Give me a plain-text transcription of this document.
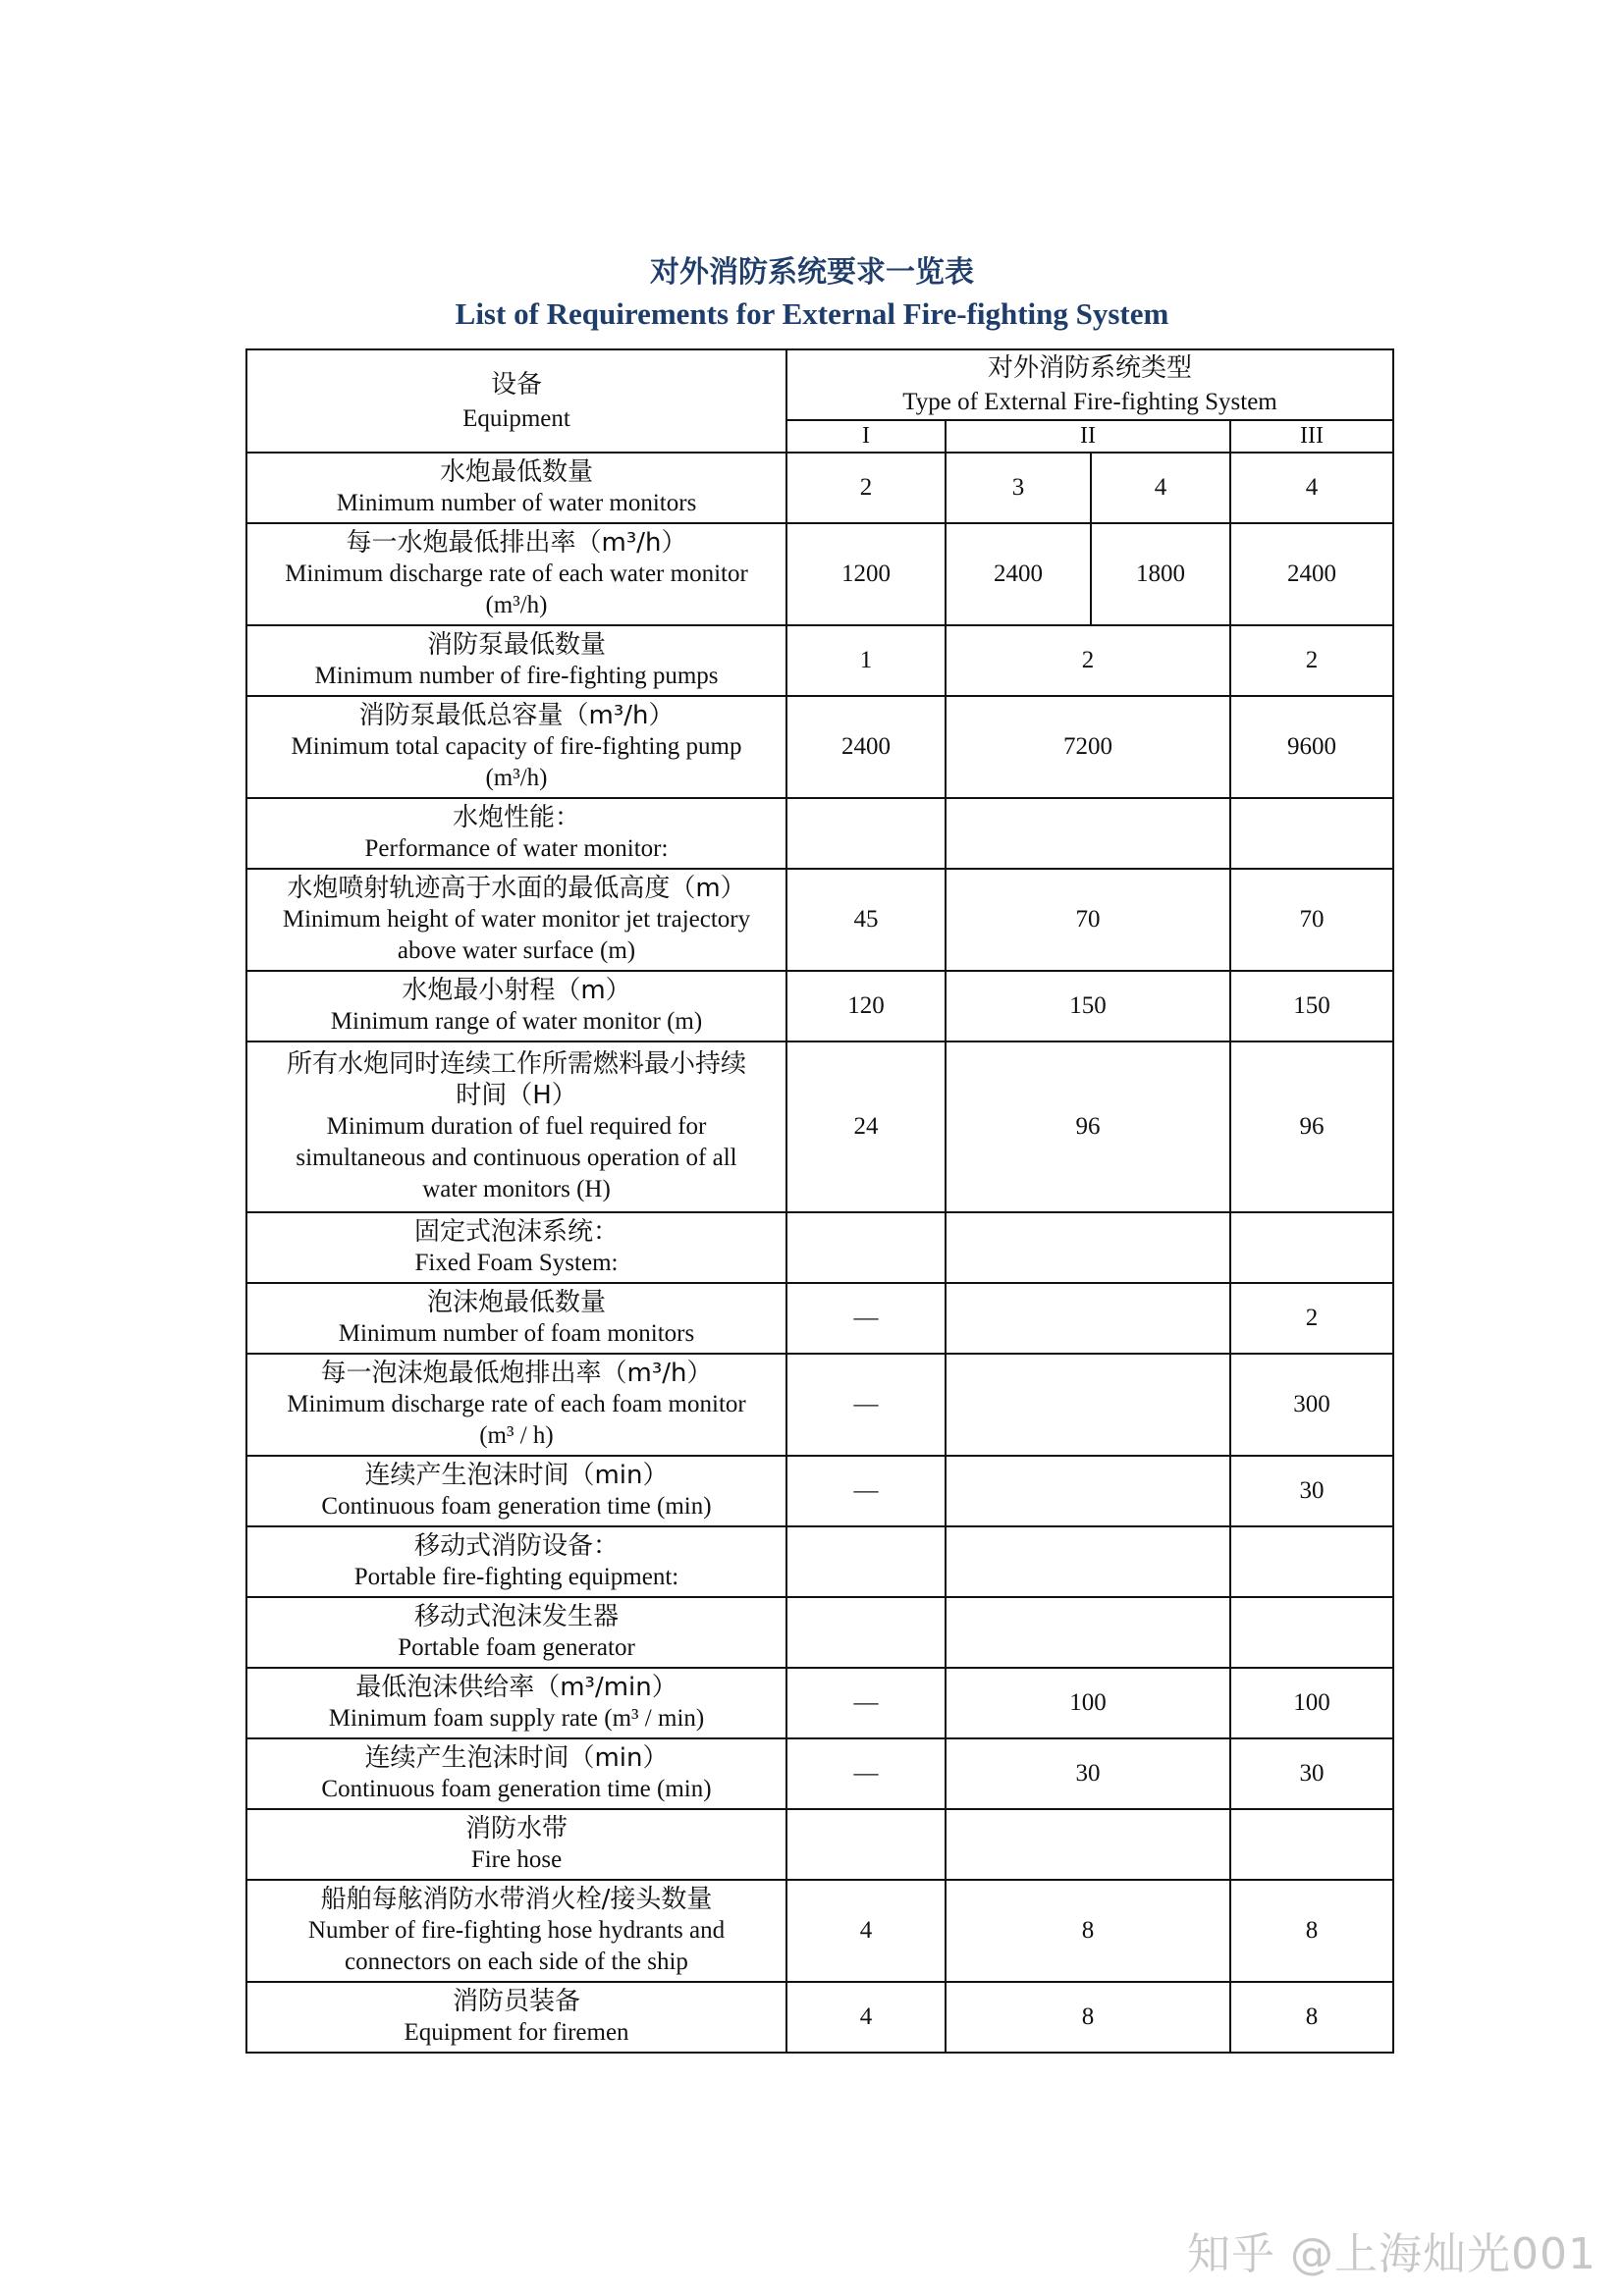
对外消防系统要求一览表
List of Requirements for External Fire-fighting System
设备
Equipment	对外消防系统类型
Type of External Fire-fighting System			

	I	II		III

水炮最低数量
Minimum number of water monitors	2	3	4	4

每一水炮最低排出率（m³/h）
Minimum discharge rate of each water monitor
(m³/h)	1200	2400	1800	2400

消防泵最低数量
Minimum number of fire-fighting pumps	1	2		2

消防泵最低总容量（m³/h）
Minimum total capacity of fire-fighting pump
(m³/h)	2400	7200		9600

水炮性能：
Performance of water monitor:				

水炮喷射轨迹高于水面的最低高度（m）
Minimum height of water monitor jet trajectory
above water surface (m)	45	70		70

水炮最小射程（m）
Minimum range of water monitor (m)	120	150		150

所有水炮同时连续工作所需燃料最小持续
时间（H）
Minimum duration of fuel required for
simultaneous and continuous operation of all
water monitors (H)	24	96		96

固定式泡沫系统：
Fixed Foam System:				

泡沫炮最低数量
Minimum number of foam monitors	—			2

每一泡沫炮最低炮排出率（m³/h）
Minimum discharge rate of each foam monitor
(m³ / h)	—			300

连续产生泡沫时间（min）
Continuous foam generation time (min)	—			30

移动式消防设备：
Portable fire-fighting equipment:				

移动式泡沫发生器
Portable foam generator				

最低泡沫供给率（m³/min）
Minimum foam supply rate (m³ / min)	—	100		100

连续产生泡沫时间（min）
Continuous foam generation time (min)	—	30		30

消防水带
Fire hose				

船舶每舷消防水带消火栓/接头数量
Number of fire-fighting hose hydrants and
connectors on each side of the ship	4	8		8

消防员装备
Equipment for firemen	4	8		8
知乎 @上海灿光001
